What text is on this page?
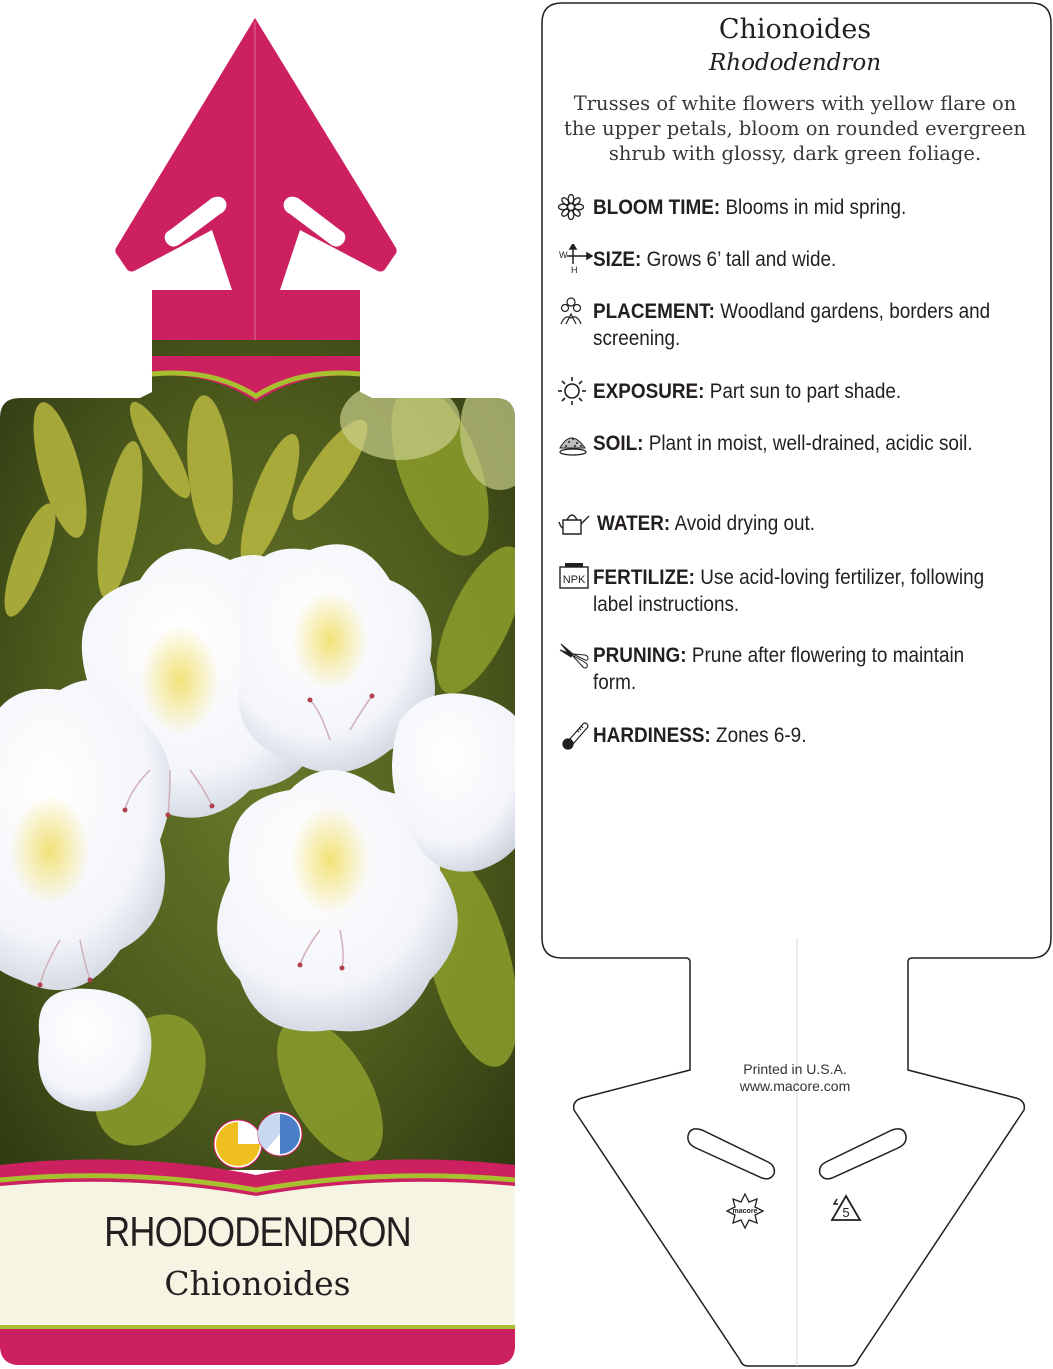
RHODODENDRON
Chionoides
macore	5
Chionoides
Rhododendron
Trusses of white flowers with yellow flare on the upper petals, bloom on rounded evergreen shrub with glossy, dark green foliage.
BLOOM TIME: Blooms in mid spring.
W
H SIZE: Grows 6’ tall and wide.
PLACEMENT: Woodland gardens, borders and screening.
EXPOSURE: Part sun to part shade.
SOIL: Plant in moist, well-drained, acidic soil.
WATER: Avoid drying out.
NPK FERTILIZE: Use acid-loving fertilizer, following label instructions.
PRUNING: Prune after flowering to maintain form.
HARDINESS: Zones 6-9.
Printed in U.S.A.
www.macore.com
